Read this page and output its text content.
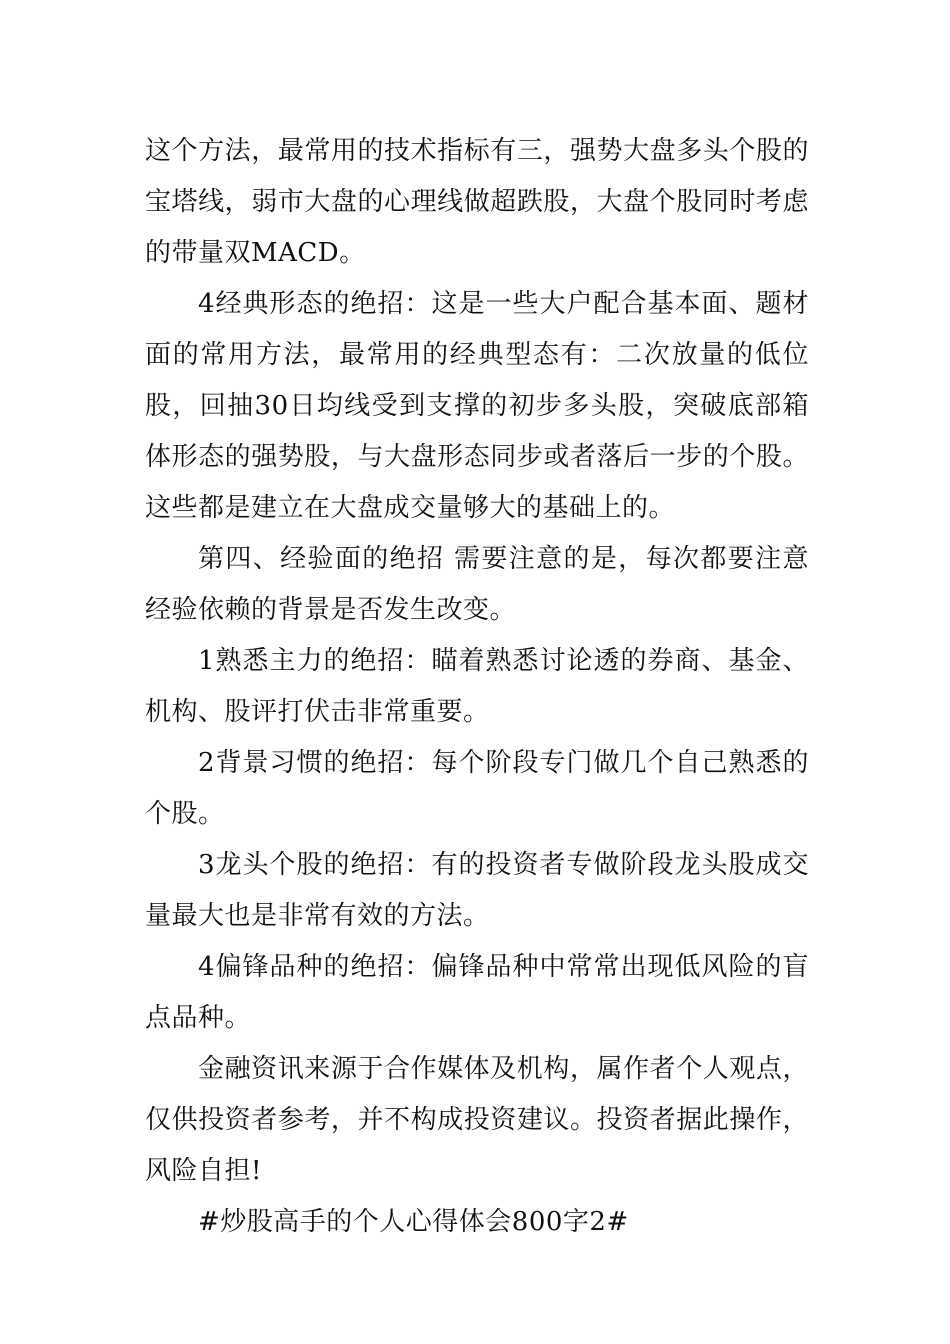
这个方法，最常用的技术指标有三，强势大盘多头个股的宝塔线，弱市大盘的心理线做超跌股，大盘个股同时考虑的带量双MACD。

4经典形态的绝招：这是一些大户配合基本面、题材面的常用方法，最常用的经典型态有：二次放量的低位股，回抽30日均线受到支撑的初步多头股，突破底部箱体形态的强势股，与大盘形态同步或者落后一步的个股。这些都是建立在大盘成交量够大的基础上的。

第四、经验面的绝招 需要注意的是，每次都要注意经验依赖的背景是否发生改变。

1熟悉主力的绝招：瞄着熟悉讨论透的券商、基金、机构、股评打伏击非常重要。

2背景习惯的绝招：每个阶段专门做几个自己熟悉的个股。

3龙头个股的绝招：有的投资者专做阶段龙头股成交量最大也是非常有效的方法。

4偏锋品种的绝招：偏锋品种中常常出现低风险的盲点品种。

金融资讯来源于合作媒体及机构，属作者个人观点，仅供投资者参考，并不构成投资建议。投资者据此操作，风险自担!

#炒股高手的个人心得体会800字2#
